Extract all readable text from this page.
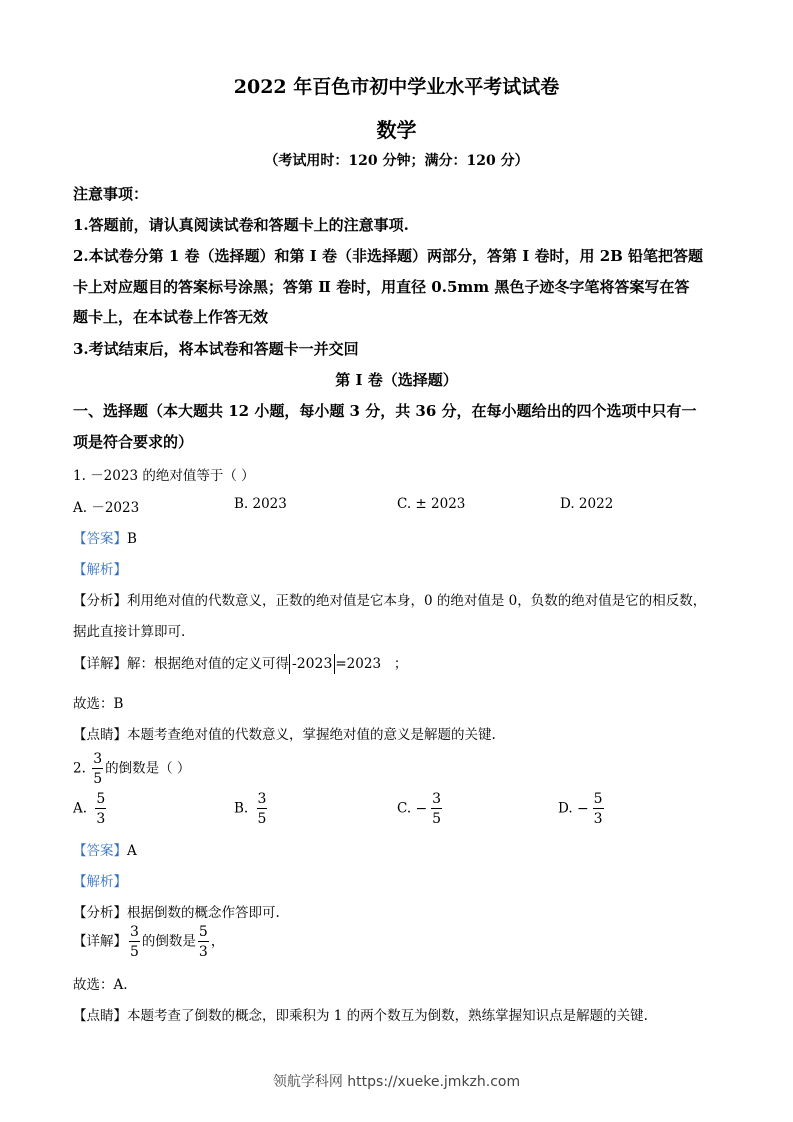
2022 年百色市初中学业水平考试试卷
数学
（考试用时：120 分钟；满分：120 分）
注意事项：
1.答题前，请认真阅读试卷和答题卡上的注意事项.
2.本试卷分第 1 卷（选择题）和第 I 卷（非选择题）两部分，答第 I 卷时，用 2B 铅笔把答题
卡上对应题目的答案标号涂黑；答第 Ⅱ 卷时，用直径 0.5mm 黑色子迹冬字笔将答案写在答
题卡上，在本试卷上作答无效
3.考试结束后，将本试卷和答题卡一并交回
第 I 卷（选择题）
一、选择题（本大题共 12 小题，每小题 3 分，共 36 分，在每小题给出的四个选项中只有一
项是符合要求的）
1. －2023 的绝对值等于（ ）
A. －2023	B. 2023	C. ± 2023	D. 2022
【答案】B
【解析】
【分析】利用绝对值的代数意义，正数的绝对值是它本身，0 的绝对值是 0，负数的绝对值是它的相反数，
据此直接计算即可.
【详解】解：根据绝对值的定义可得 -2023 =2023 ；
故选：B
【点睛】本题考查绝对值的代数意义，掌握绝对值的意义是解题的关键.
2. $\frac{3}{5}$ 的倒数是（ ）
A. $\frac{5}{3}$	B. $\frac{3}{5}$	C. − $\frac{3}{5}$	D. − $\frac{5}{3}$
【答案】A
【解析】
【分析】根据倒数的概念作答即可.
【详解】 $\frac{3}{5}$ 的倒数是 $\frac{5}{3}$ ，
故选：A.
【点睛】本题考查了倒数的概念，即乘积为 1 的两个数互为倒数，熟练掌握知识点是解题的关键.
领航学科网 https://xueke.jmkzh.com
